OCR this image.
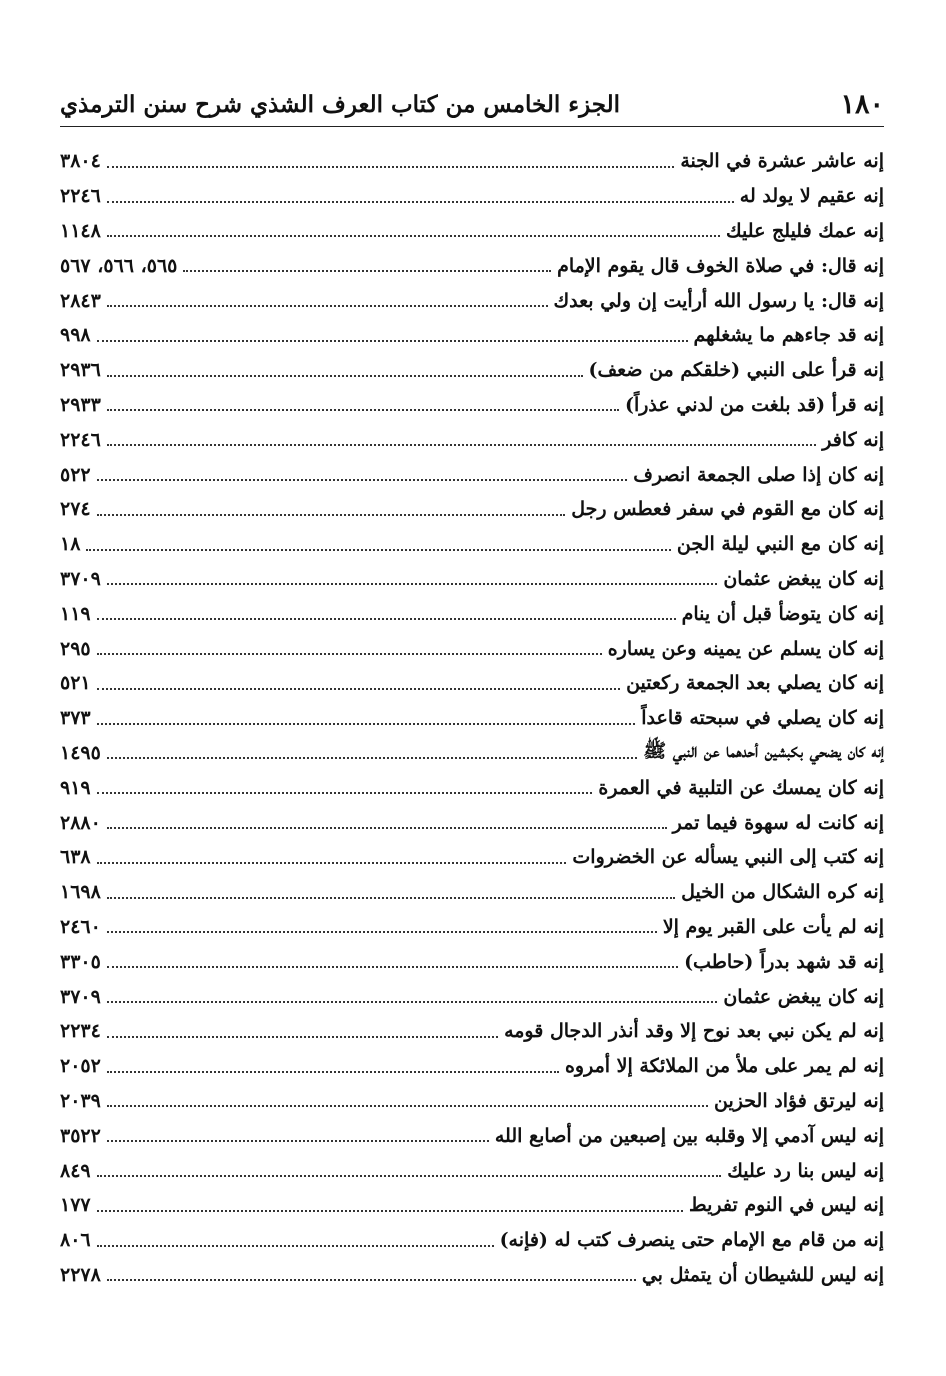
١٨٠
الجزء الخامس من كتاب العرف الشذي شرح سنن الترمذي
إنه عاشر عشرة في الجنة
٣٨٠٤
إنه عقيم لا يولد له
٢٢٤٦
إنه عمك فليلج عليك
١١٤٨
إنه قال: في صلاة الخوف قال يقوم الإمام
٥٦٥، ٥٦٦، ٥٦٧
إنه قال: يا رسول الله أرأيت إن ولي بعدك
٢٨٤٣
إنه قد جاءهم ما يشغلهم
٩٩٨
إنه قرأ على النبي (خلقكم من ضعف)
٢٩٣٦
إنه قرأ (قد بلغت من لدني عذراً)
٢٩٣٣
إنه كافر
٢٢٤٦
إنه كان إذا صلى الجمعة انصرف
٥٢٢
إنه كان مع القوم في سفر فعطس رجل
٢٧٤
إنه كان مع النبي ليلة الجن
١٨
إنه كان يبغض عثمان
٣٧٠٩
إنه كان يتوضأ قبل أن ينام
١١٩
إنه كان يسلم عن يمينه وعن يساره
٢٩٥
إنه كان يصلي بعد الجمعة ركعتين
٥٢١
إنه كان يصلي في سبحته قاعداً
٣٧٣
إنه كان يضحي بكبشين أحدهما عن النبي ﷺ
١٤٩٥
إنه كان يمسك عن التلبية في العمرة
٩١٩
إنه كانت له سهوة فيما تمر
٢٨٨٠
إنه كتب إلى النبي يسأله عن الخضروات
٦٣٨
إنه كره الشكال من الخيل
١٦٩٨
إنه لم يأت على القبر يوم إلا
٢٤٦٠
إنه قد شهد بدراً (حاطب)
٣٣٠٥
إنه كان يبغض عثمان
٣٧٠٩
إنه لم يكن نبي بعد نوح إلا وقد أنذر الدجال قومه
٢٢٣٤
إنه لم يمر على ملأ من الملائكة إلا أمروه
٢٠٥٢
إنه ليرتق فؤاد الحزين
٢٠٣٩
إنه ليس آدمي إلا وقلبه بين إصبعين من أصابع الله
٣٥٢٢
إنه ليس بنا رد عليك
٨٤٩
إنه ليس في النوم تفريط
١٧٧
إنه من قام مع الإمام حتى ينصرف كتب له (فإنه)
٨٠٦
إنه ليس للشيطان أن يتمثل بي
٢٢٧٨
